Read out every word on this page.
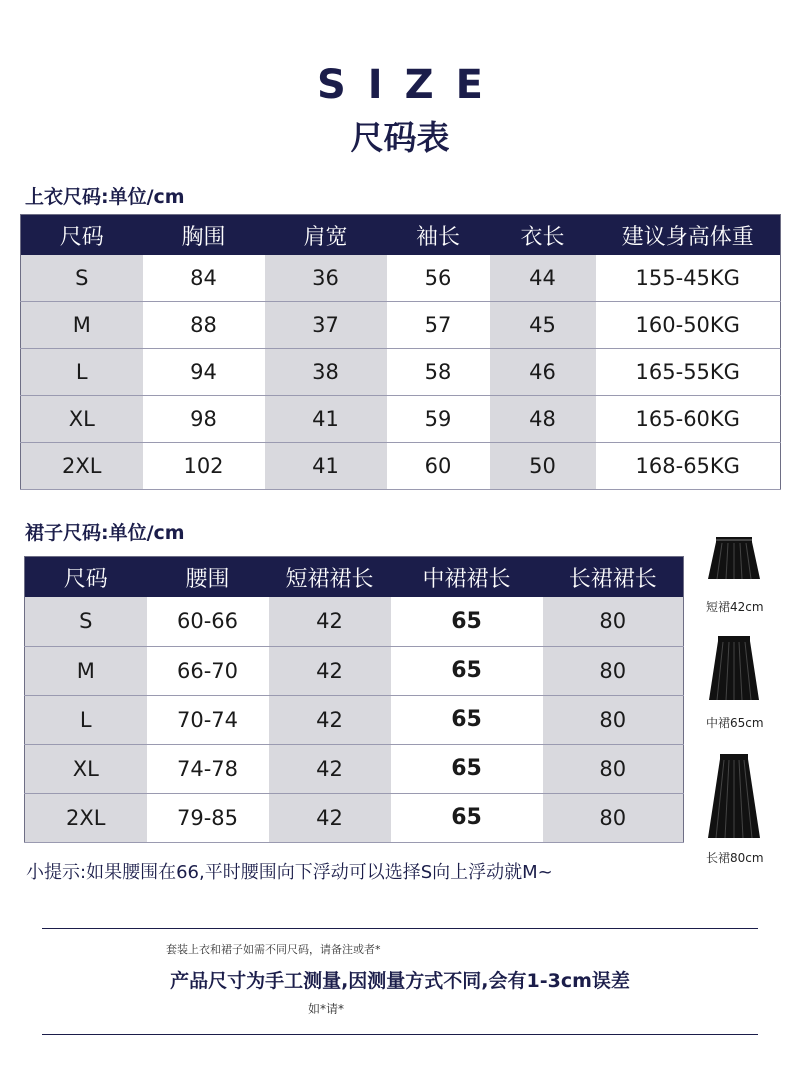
SIZE
尺码表
上衣尺码:单位/cm
尺码	胸围	肩宽	袖长	衣长	建议身高体重
S	84	36	56	44	155-45KG
M	88	37	57	45	160-50KG
L	94	38	58	46	165-55KG
XL	98	41	59	48	165-60KG
2XL	102	41	60	50	168-65KG
裙子尺码:单位/cm
尺码	腰围	短裙裙长	中裙裙长	长裙裙长
S	60-66	42	65	80
M	66-70	42	65	80
L	70-74	42	65	80
XL	74-78	42	65	80
2XL	79-85	42	65	80
短裙42cm
中裙65cm
长裙80cm
小提示:如果腰围在66,平时腰围向下浮动可以选择S向上浮动就M~
套装上衣和裙子如需不同尺码，请备注或者*
产品尺寸为手工测量,因测量方式不同,会有1-3cm误差
如*请*
